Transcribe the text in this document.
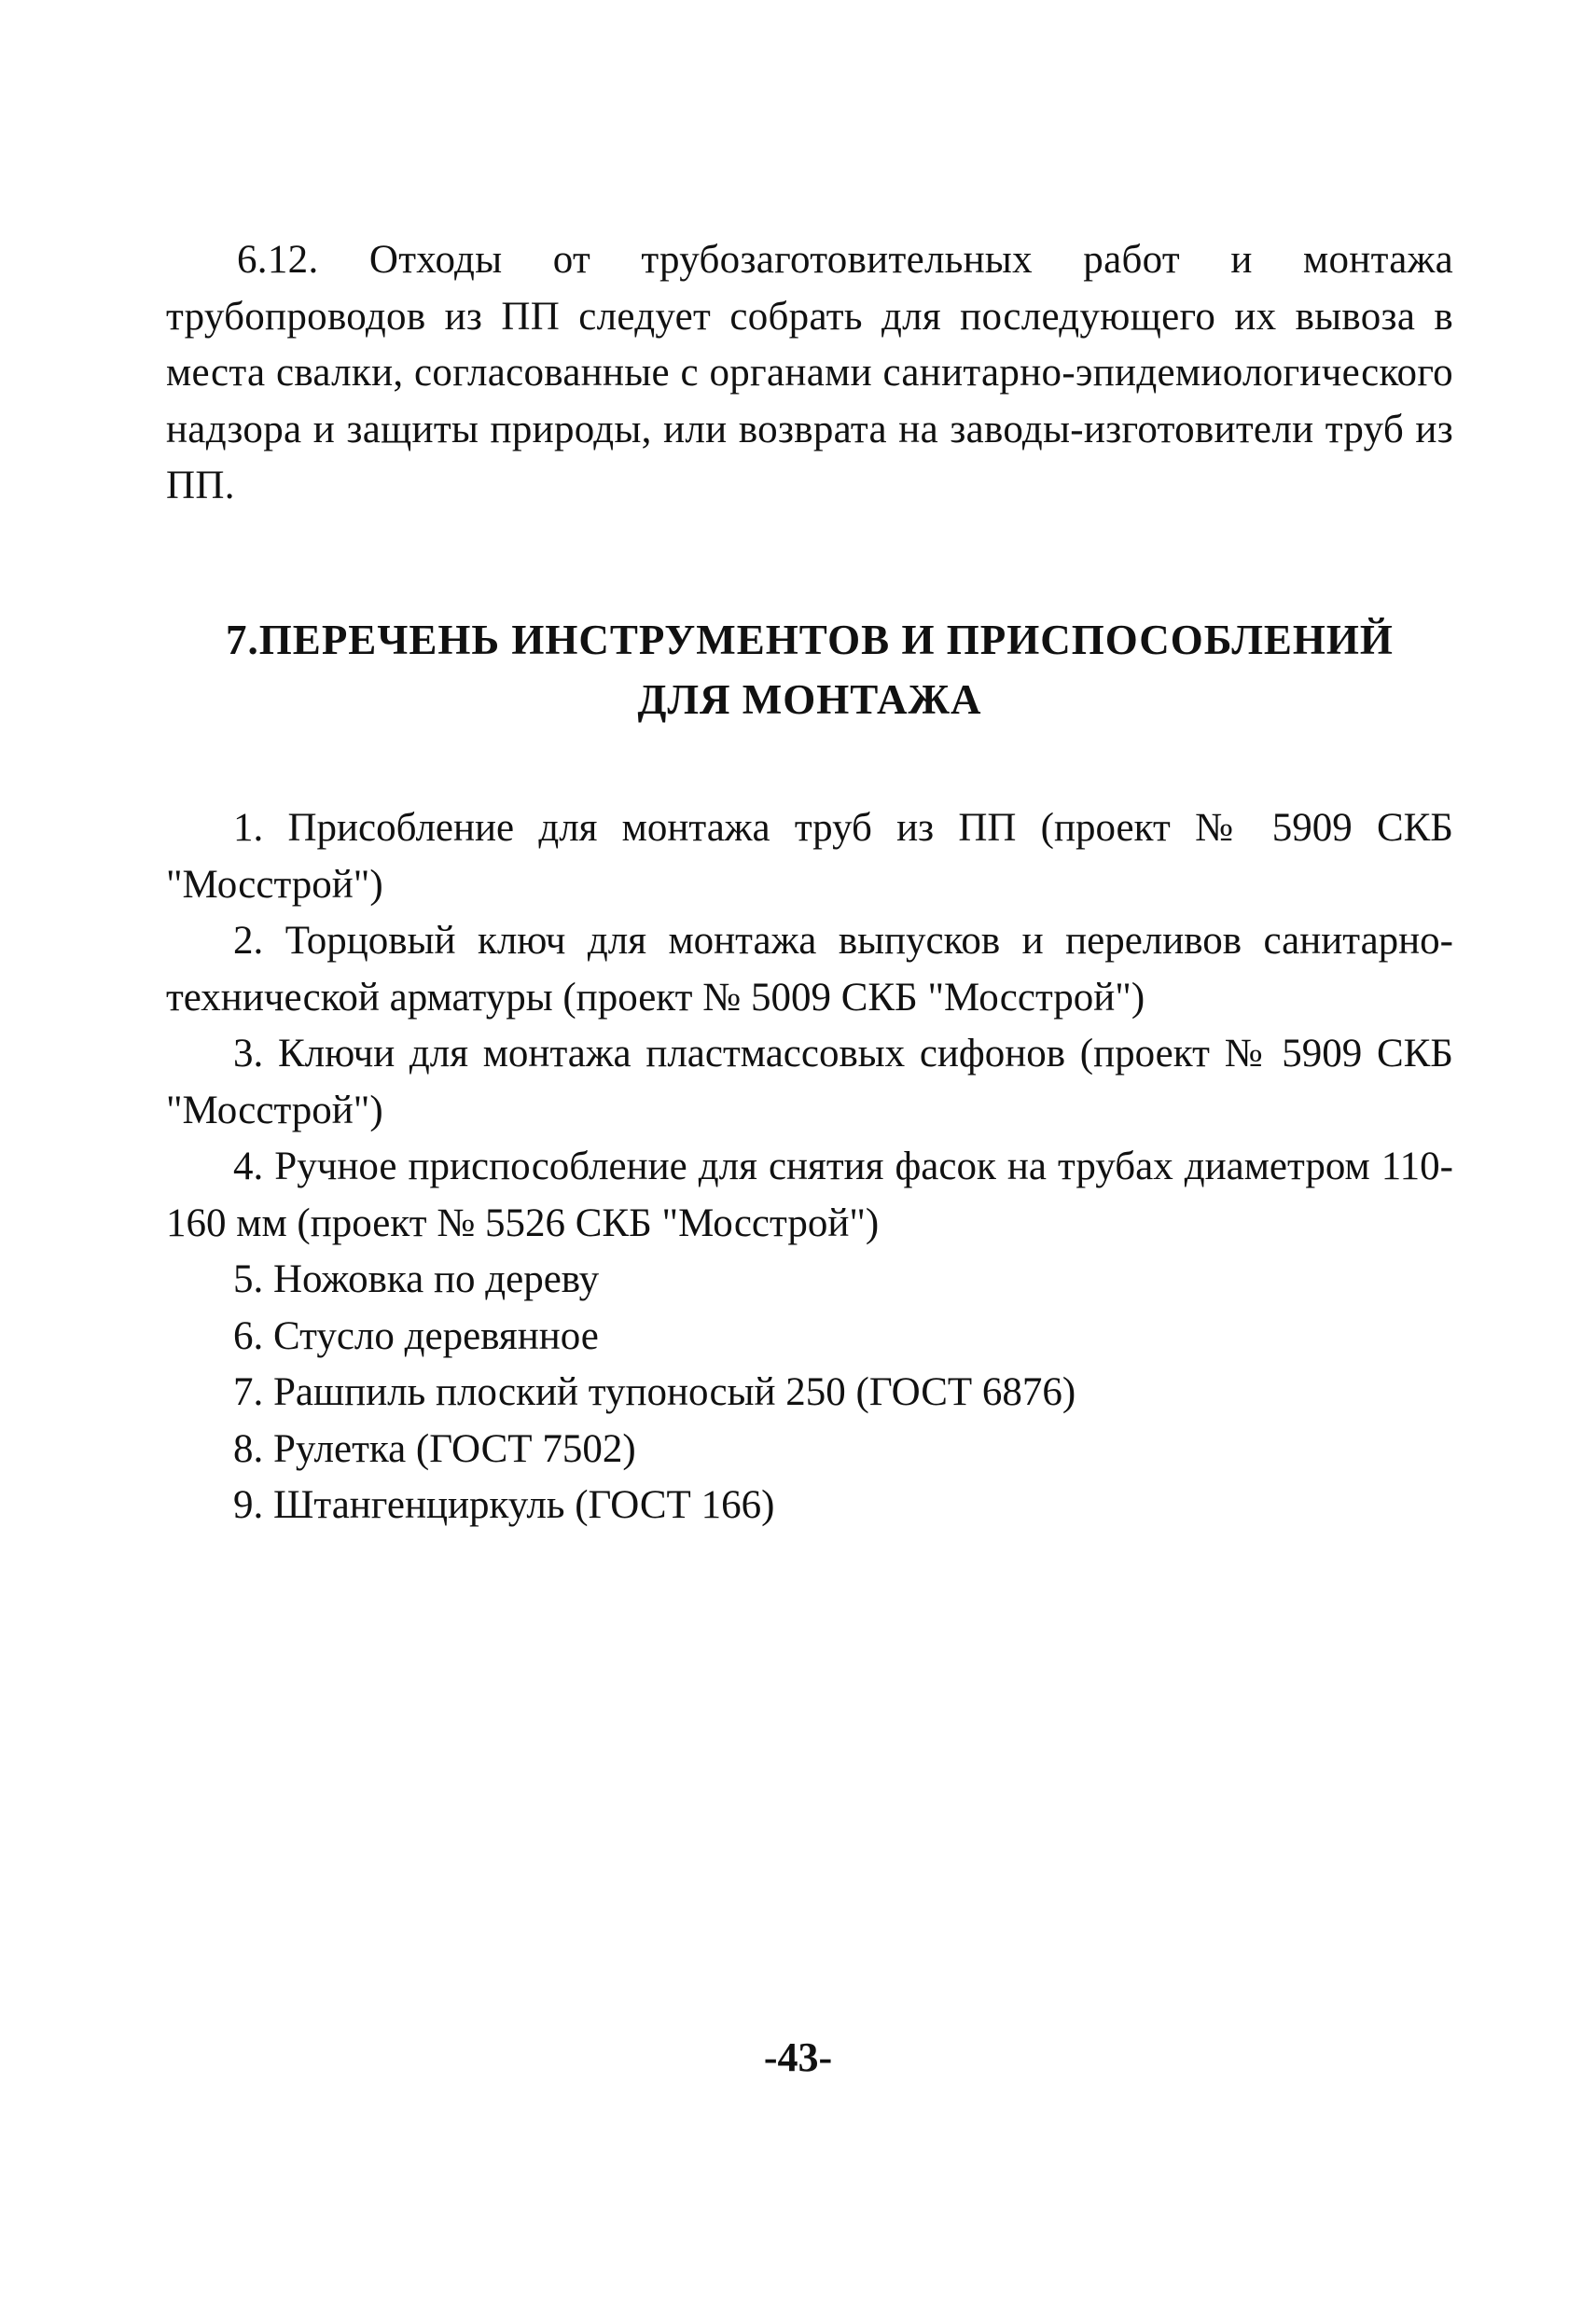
6.12. Отходы от трубозаготовительных работ и монтажа трубопроводов из ПП следует собрать для последующего их вывоза в места свалки, согласованные с органами санитарно-эпидемиологического надзора и защиты природы, или возврата на заводы-изготовители труб из ПП.

7.ПЕРЕЧЕНЬ ИНСТРУМЕНТОВ И ПРИСПОСОБЛЕНИЙ
ДЛЯ МОНТАЖА
1. Присобление для монтажа труб из ПП (проект № 5909 СКБ "Мосстрой")
2. Торцовый ключ для монтажа выпусков и переливов санитарно-технической арматуры (проект № 5009 СКБ "Мосстрой")
3. Ключи для монтажа пластмассовых сифонов (проект № 5909 СКБ "Мосстрой")
4. Ручное приспособление для снятия фасок на трубах диаметром 110-160 мм (проект № 5526 СКБ "Мосстрой")
5. Ножовка по дереву
6. Стусло деревянное
7. Рашпиль плоский тупоносый 250 (ГОСТ 6876)
8. Рулетка (ГОСТ 7502)
9. Штангенциркуль (ГОСТ 166)
-43-
